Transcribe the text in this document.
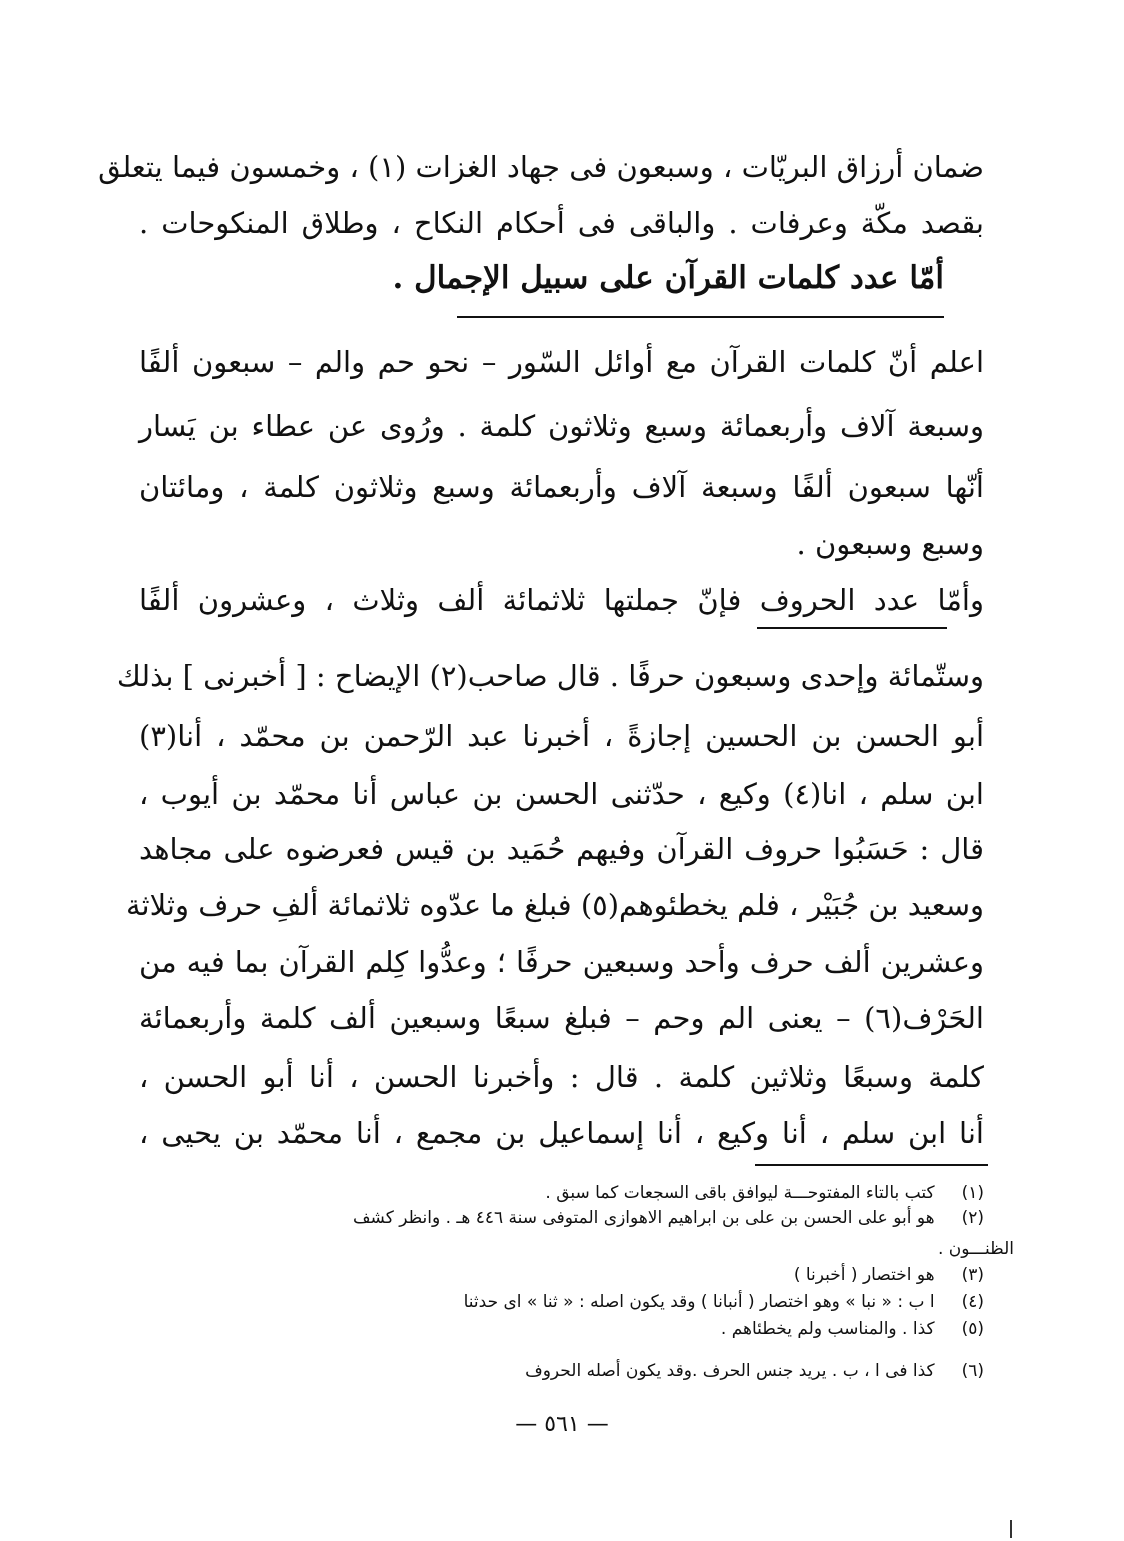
ضمان أرزاق البريّات ، وسبعون فى جهاد الغزات (١) ، وخمسون فيما يتعلق
بقصد مكّة وعرفات . والباقى فى أحكام النكاح ، وطلاق المنكوحات .
أمّا عدد كلمات القرآن على سبيل الإجمال .
اعلم أنّ كلمات القرآن مع أوائل السّور – نحو حم والم – سبعون ألفًا
وسبعة آلاف وأربعمائة وسبع وثلاثون كلمة . ورُوى عن عطاء بن يَسار
أنّها سبعون ألفًا وسبعة آلاف وأربعمائة وسبع وثلاثون كلمة ، ومائتان
وسبع وسبعون .
وأمّا عدد الحروف فإنّ جملتها ثلاثمائة ألف وثلاث ، وعشرون ألفًا
وستّمائة وإحدى وسبعون حرفًا . قال صاحب(٢) الإيضاح : [ أخبرنى ] بذلك
أبو الحسن بن الحسين إجازةً ، أخبرنا عبد الرّحمن بن محمّد ، أنا(٣)
ابن سلم ، انا(٤) وكيع ، حدّثنى الحسن بن عباس أنا محمّد بن أيوب ،
قال : حَسَبُوا حروف القرآن وفيهم حُمَيد بن قيس فعرضوه على مجاهد
وسعيد بن جُبَيْر ، فلم يخطئوهم(٥) فبلغ ما عدّوه ثلاثمائة ألفِ حرف وثلاثة
وعشرين ألف حرف وأحد وسبعين حرفًا ؛ وعدُّوا كِلم القرآن بما فيه من
الحَرْف(٦) – يعنى الم وحم – فبلغ سبعًا وسبعين ألف كلمة وأربعمائة
كلمة وسبعًا وثلاثين كلمة . قال : وأخبرنا الحسن ، أنا أبو الحسن ،
أنا ابن سلم ، أنا وكيع ، أنا إسماعيل بن مجمع ، أنا محمّد بن يحيى ،
(١) كتب بالتاء المفتوحـــة ليوافق باقى السجعات كما سبق .
(٢) هو أبو على الحسن بن على بن ابراهيم الاهوازى المتوفى سنة ٤٤٦ هـ . وانظر كشف
الظنـــون .
(٣) هو اختصار ( أخبرنا )
(٤) ا ب : « نبا » وهو اختصار ( أنبانا ) وقد يكون اصله : « ثنا » اى حدثنا
(٥) كذا . والمناسب ولم يخطئاهم .
(٦) كذا فى ا ، ب . يريد جنس الحرف .وقد يكون أصله الحروف
— ٥٦١ —
